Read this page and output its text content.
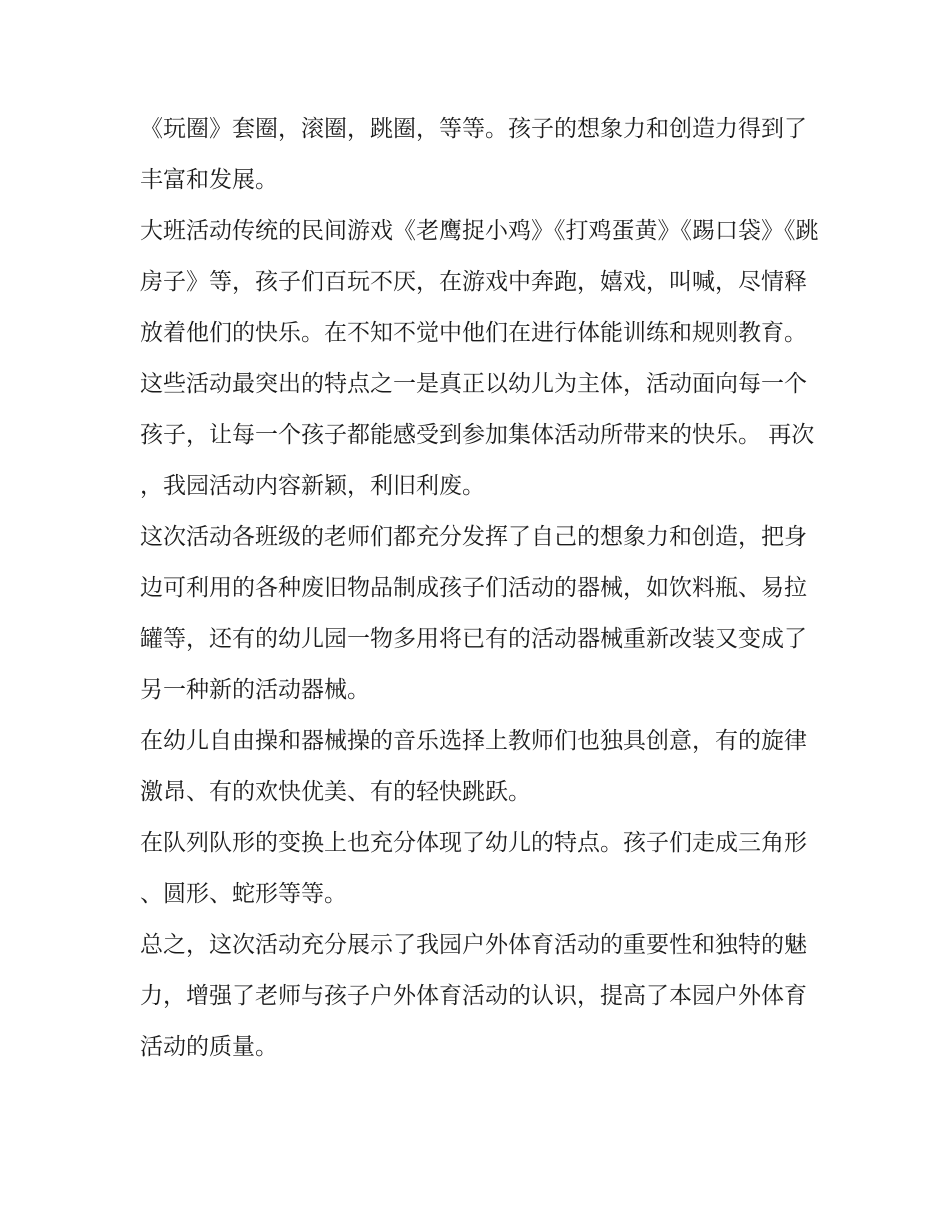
《玩圈》套圈，滚圈，跳圈，等等。孩子的想象力和创造力得到了丰富和发展。

大班活动传统的民间游戏《老鹰捉小鸡》《打鸡蛋黄》《踢口袋》《跳房子》等，孩子们百玩不厌，在游戏中奔跑，嬉戏，叫喊，尽情释放着他们的快乐。在不知不觉中他们在进行体能训练和规则教育。

这些活动最突出的特点之一是真正以幼儿为主体，活动面向每一个孩子，让每一个孩子都能感受到参加集体活动所带来的快乐。 再次，我园活动内容新颖，利旧利废。

这次活动各班级的老师们都充分发挥了自己的想象力和创造，把身边可利用的各种废旧物品制成孩子们活动的器械，如饮料瓶、易拉罐等，还有的幼儿园一物多用将已有的活动器械重新改装又变成了另一种新的活动器械。

在幼儿自由操和器械操的音乐选择上教师们也独具创意，有的旋律激昂、有的欢快优美、有的轻快跳跃。

在队列队形的变换上也充分体现了幼儿的特点。孩子们走成三角形、圆形、蛇形等等。

总之，这次活动充分展示了我园户外体育活动的重要性和独特的魅力，增强了老师与孩子户外体育活动的认识，提高了本园户外体育活动的质量。
